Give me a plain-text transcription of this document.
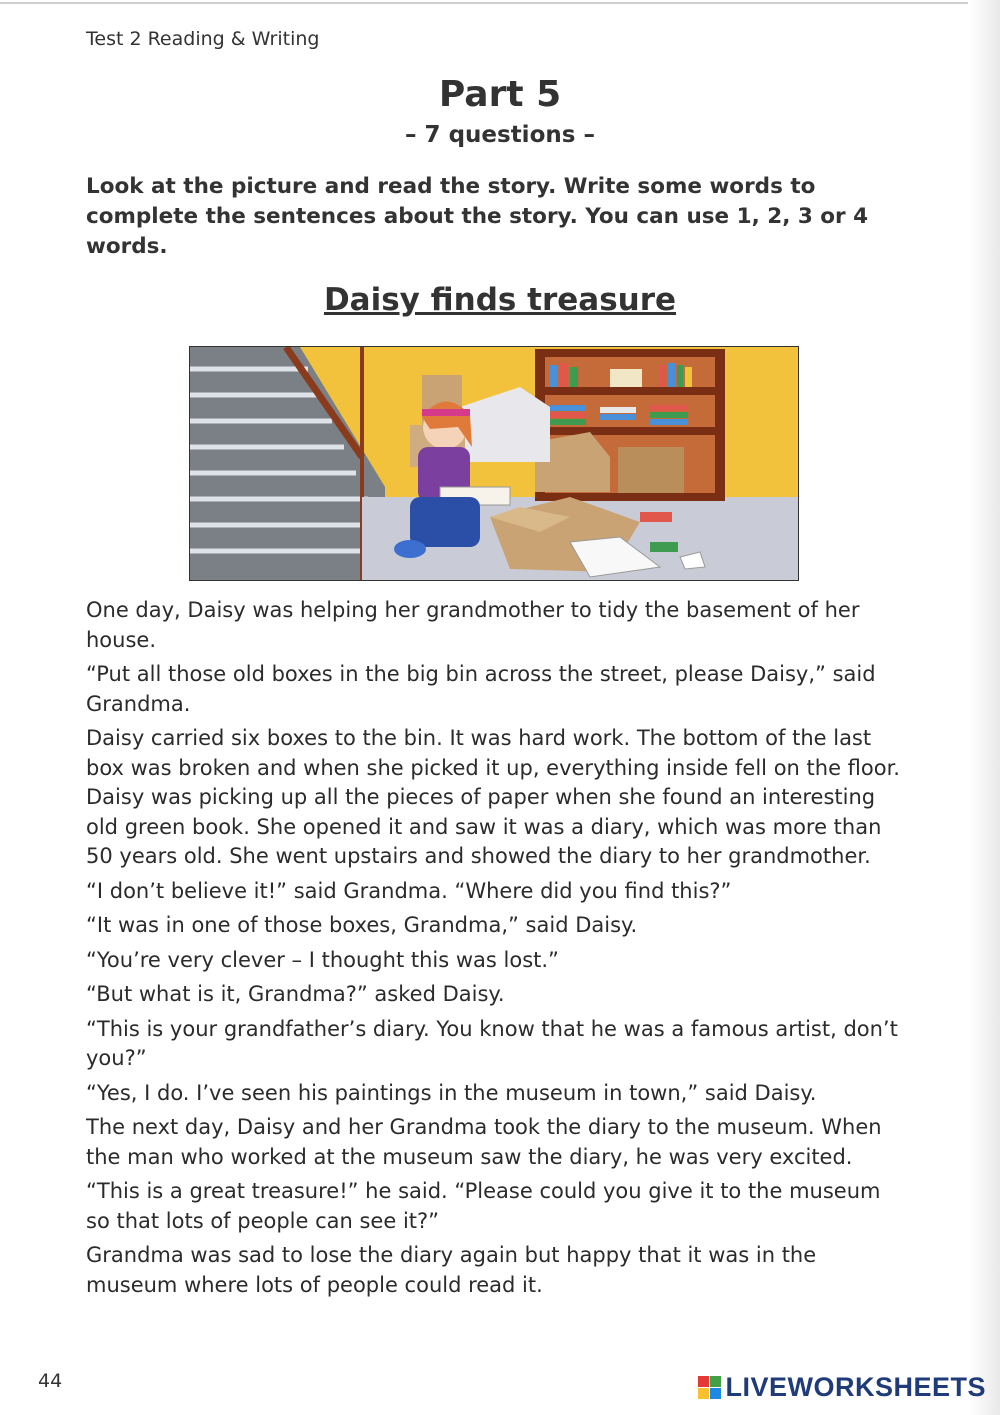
Test 2 Reading & Writing
Part 5
– 7 questions –
Look at the picture and read the story. Write some words to complete the sentences about the story. You can use 1, 2, 3 or 4 words.
Daisy finds treasure

One day, Daisy was helping her grandmother to tidy the basement of her house.

“Put all those old boxes in the big bin across the street, please Daisy,” said Grandma.

Daisy carried six boxes to the bin. It was hard work. The bottom of the last box was broken and when she picked it up, everything inside fell on the floor. Daisy was picking up all the pieces of paper when she found an interesting old green book. She opened it and saw it was a diary, which was more than 50 years old. She went upstairs and showed the diary to her grandmother.

“I don’t believe it!” said Grandma. “Where did you find this?”

“It was in one of those boxes, Grandma,” said Daisy.

“You’re very clever – I thought this was lost.”

“But what is it, Grandma?” asked Daisy.

“This is your grandfather’s diary. You know that he was a famous artist, don’t you?”

“Yes, I do. I’ve seen his paintings in the museum in town,” said Daisy.

The next day, Daisy and her Grandma took the diary to the museum. When the man who worked at the museum saw the diary, he was very excited.

“This is a great treasure!” he said. “Please could you give it to the museum so that lots of people can see it?”

Grandma was sad to lose the diary again but happy that it was in the museum where lots of people could read it.

44	LIVEWORKSHEETS
